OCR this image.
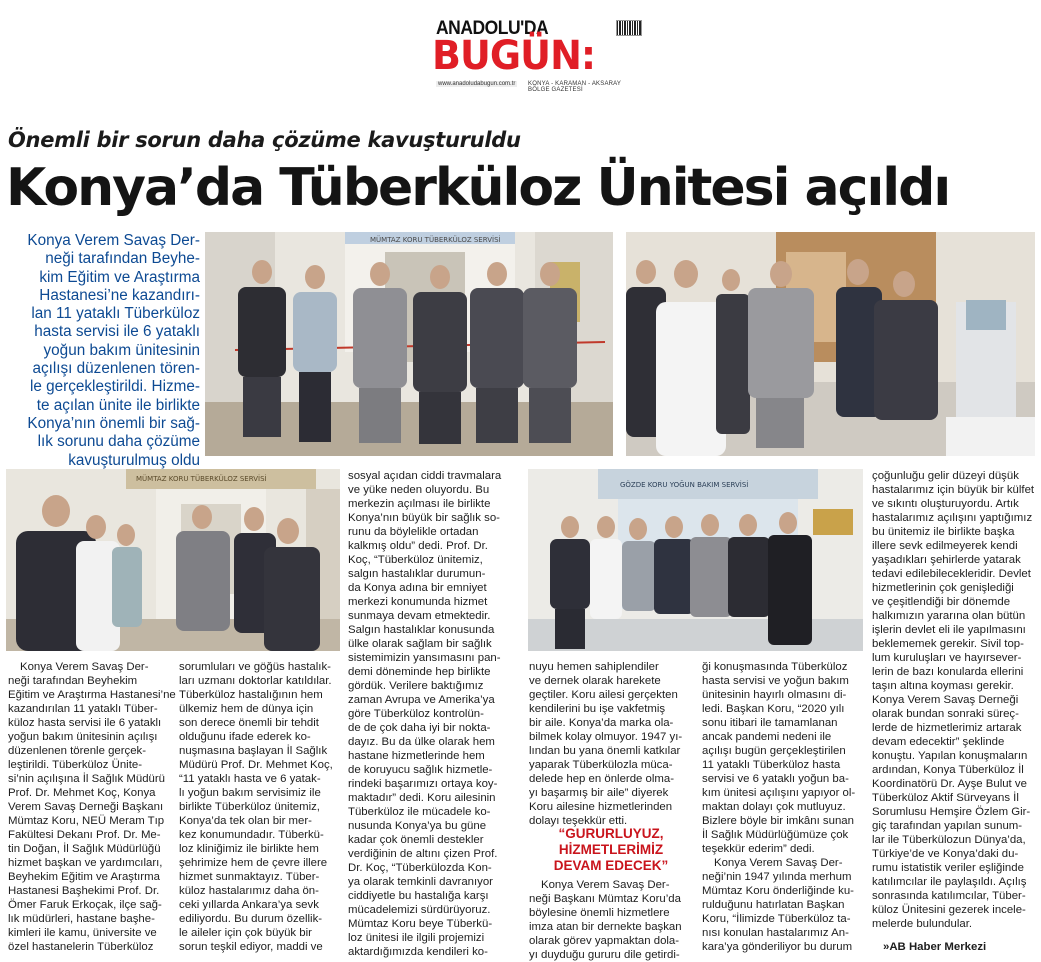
ANADOLU'DA
BUGÜN:
www.anadoludabugun.com.tr	KONYA - KARAMAN - AKSARAY BÖLGE GAZETESİ
Önemli bir sorun daha çözüme kavuşturuldu
Konya’da Tüberküloz Ünitesi açıldı
Konya Verem Savaş Der-
neği tarafından Beyhe-
kim Eğitim ve Araştırma
Hastanesi’ne kazandırı-
lan 11 yataklı Tüberküloz
hasta servisi ile 6 yataklı
yoğun bakım ünitesinin
açılışı düzenlenen tören-
le gerçekleştirildi. Hizme-
te açılan ünite ile birlikte
Konya’nın önemli bir sağ-
lık sorunu daha çözüme
kavuşturulmuş oldu
MÜMTAZ KORU TÜBERKÜLOZ SERVİSİ
MÜMTAZ KORU TÜBERKÜLOZ SERVİSİ
GÖZDE KORU YOĞUN BAKIM SERVİSİ
Konya Verem Savaş Der-
neği tarafından Beyhekim
Eğitim ve Araştırma Hastanesi’ne
kazandırılan 11 yataklı Tüber-
küloz hasta servisi ile 6 yataklı
yoğun bakım ünitesinin açılışı
düzenlenen törenle gerçek-
leştirildi. Tüberküloz Ünite-
si’nin açılışına İl Sağlık Müdürü
Prof. Dr. Mehmet Koç, Konya
Verem Savaş Derneği Başkanı
Mümtaz Koru, NEÜ Meram Tıp
Fakültesi Dekanı Prof. Dr. Me-
tin Doğan, İl Sağlık Müdürlüğü
hizmet başkan ve yardımcıları,
Beyhekim Eğitim ve Araştırma
Hastanesi Başhekimi Prof. Dr.
Ömer Faruk Erkoçak, ilçe sağ-
lık müdürleri, hastane başhe-
kimleri ile kamu, üniversite ve
özel hastanelerin Tüberküloz
sorumluları ve göğüs hastalık-
ları uzmanı doktorlar katıldılar.
Tüberküloz hastalığının hem
ülkemiz hem de dünya için
son derece önemli bir tehdit
olduğunu ifade ederek ko-
nuşmasına başlayan İl Sağlık
Müdürü Prof. Dr. Mehmet Koç,
“11 yataklı hasta ve 6 yatak-
lı yoğun bakım servisimiz ile
birlikte Tüberküloz ünitemiz,
Konya’da tek olan bir mer-
kez konumundadır. Tüberkü-
loz kliniğimiz ile birlikte hem
şehrimize hem de çevre illere
hizmet sunmaktayız. Tüber-
küloz hastalarımız daha ön-
ceki yıllarda Ankara’ya sevk
ediliyordu. Bu durum özellik-
le aileler için çok büyük bir
sorun teşkil ediyor, maddi ve
sosyal açıdan ciddi travmalara
ve yüke neden oluyordu. Bu
merkezin açılması ile birlikte
Konya’nın büyük bir sağlık so-
runu da böylelikle ortadan
kalkmış oldu” dedi. Prof. Dr.
Koç, “Tüberküloz ünitemiz,
salgın hastalıklar durumun-
da Konya adına bir emniyet
merkezi konumunda hizmet
sunmaya devam etmektedir.
Salgın hastalıklar konusunda
ülke olarak sağlam bir sağlık
sistemimizin yansımasını pan-
demi döneminde hep birlikte
gördük. Verilere baktığımız
zaman Avrupa ve Amerika’ya
göre Tüberküloz kontrolün-
de de çok daha iyi bir nokta-
dayız. Bu da ülke olarak hem
hastane hizmetlerinde hem
de koruyucu sağlık hizmetle-
rindeki başarımızı ortaya koy-
maktadır” dedi. Koru ailesinin
Tüberküloz ile mücadele ko-
nusunda Konya’ya bu güne
kadar çok önemli destekler
verdiğinin de altını çizen Prof.
Dr. Koç, “Tüberkülozda Kon-
ya olarak temkinli davranıyor
ciddiyetle bu hastalığa karşı
mücadelemizi sürdürüyoruz.
Mümtaz Koru beye Tüberkü-
loz ünitesi ile ilgili projemizi
aktardığımızda kendileri ko-
nuyu hemen sahiplendiler
ve dernek olarak harekete
geçtiler. Koru ailesi gerçekten
kendilerini bu işe vakfetmiş
bir aile. Konya’da marka ola-
bilmek kolay olmuyor. 1947 yı-
lından bu yana önemli katkılar
yaparak Tüberkülozla müca-
delede hep en önlerde olma-
yı başarmış bir aile” diyerek
Koru ailesine hizmetlerinden
dolayı teşekkür etti.
“GURURLUYUZ,
HİZMETLERİMİZ
DEVAM EDECEK”
Konya Verem Savaş Der-
neği Başkanı Mümtaz Koru’da
böylesine önemli hizmetlere
imza atan bir dernekte başkan
olarak görev yapmaktan dola-
yı duyduğu gururu dile getirdi-
ği konuşmasında Tüberküloz
hasta servisi ve yoğun bakım
ünitesinin hayırlı olmasını di-
ledi. Başkan Koru, “2020 yılı
sonu itibari ile tamamlanan
ancak pandemi nedeni ile
açılışı bugün gerçekleştirilen
11 yataklı Tüberküloz hasta
servisi ve 6 yataklı yoğun ba-
kım ünitesi açılışını yapıyor ol-
maktan dolayı çok mutluyuz.
Bizlere böyle bir imkânı sunan
İl Sağlık Müdürlüğümüze çok
teşekkür ederim” dedi.
Konya Verem Savaş Der-
neği’nin 1947 yılında merhum
Mümtaz Koru önderliğinde ku-
rulduğunu hatırlatan Başkan
Koru, “İlimizde Tüberküloz ta-
nısı konulan hastalarımız An-
kara’ya gönderiliyor bu durum
çoğunluğu gelir düzeyi düşük
hastalarımız için büyük bir külfet
ve sıkıntı oluşturuyordu. Artık
hastalarımız açılışını yaptığımız
bu ünitemiz ile birlikte başka
illere sevk edilmeyerek kendi
yaşadıkları şehirlerde yatarak
tedavi edilebilecekleridir. Devlet
hizmetlerinin çok genişlediği
ve çeşitlendiği bir dönemde
halkımızın yararına olan bütün
işlerin devlet eli ile yapılmasını
beklememek gerekir. Sivil top-
lum kuruluşları ve hayırsever-
lerin de bazı konularda ellerini
taşın altına koyması gerekir.
Konya Verem Savaş Derneği
olarak bundan sonraki süreç-
lerde de hizmetlerimiz artarak
devam edecektir” şeklinde
konuştu. Yapılan konuşmaların
ardından, Konya Tüberküloz İl
Koordinatörü Dr. Ayşe Bulut ve
Tüberküloz Aktif Sürveyans İl
Sorumlusu Hemşire Özlem Gir-
giç tarafından yapılan sunum-
lar ile Tüberkülozun Dünya’da,
Türkiye’de ve Konya’daki du-
rumu istatistik veriler eşliğinde
katılımcılar ile paylaşıldı. Açılış
sonrasında katılımcılar, Tüber-
küloz Ünitesini gezerek incele-
melerde bulundular.
»AB Haber Merkezi
